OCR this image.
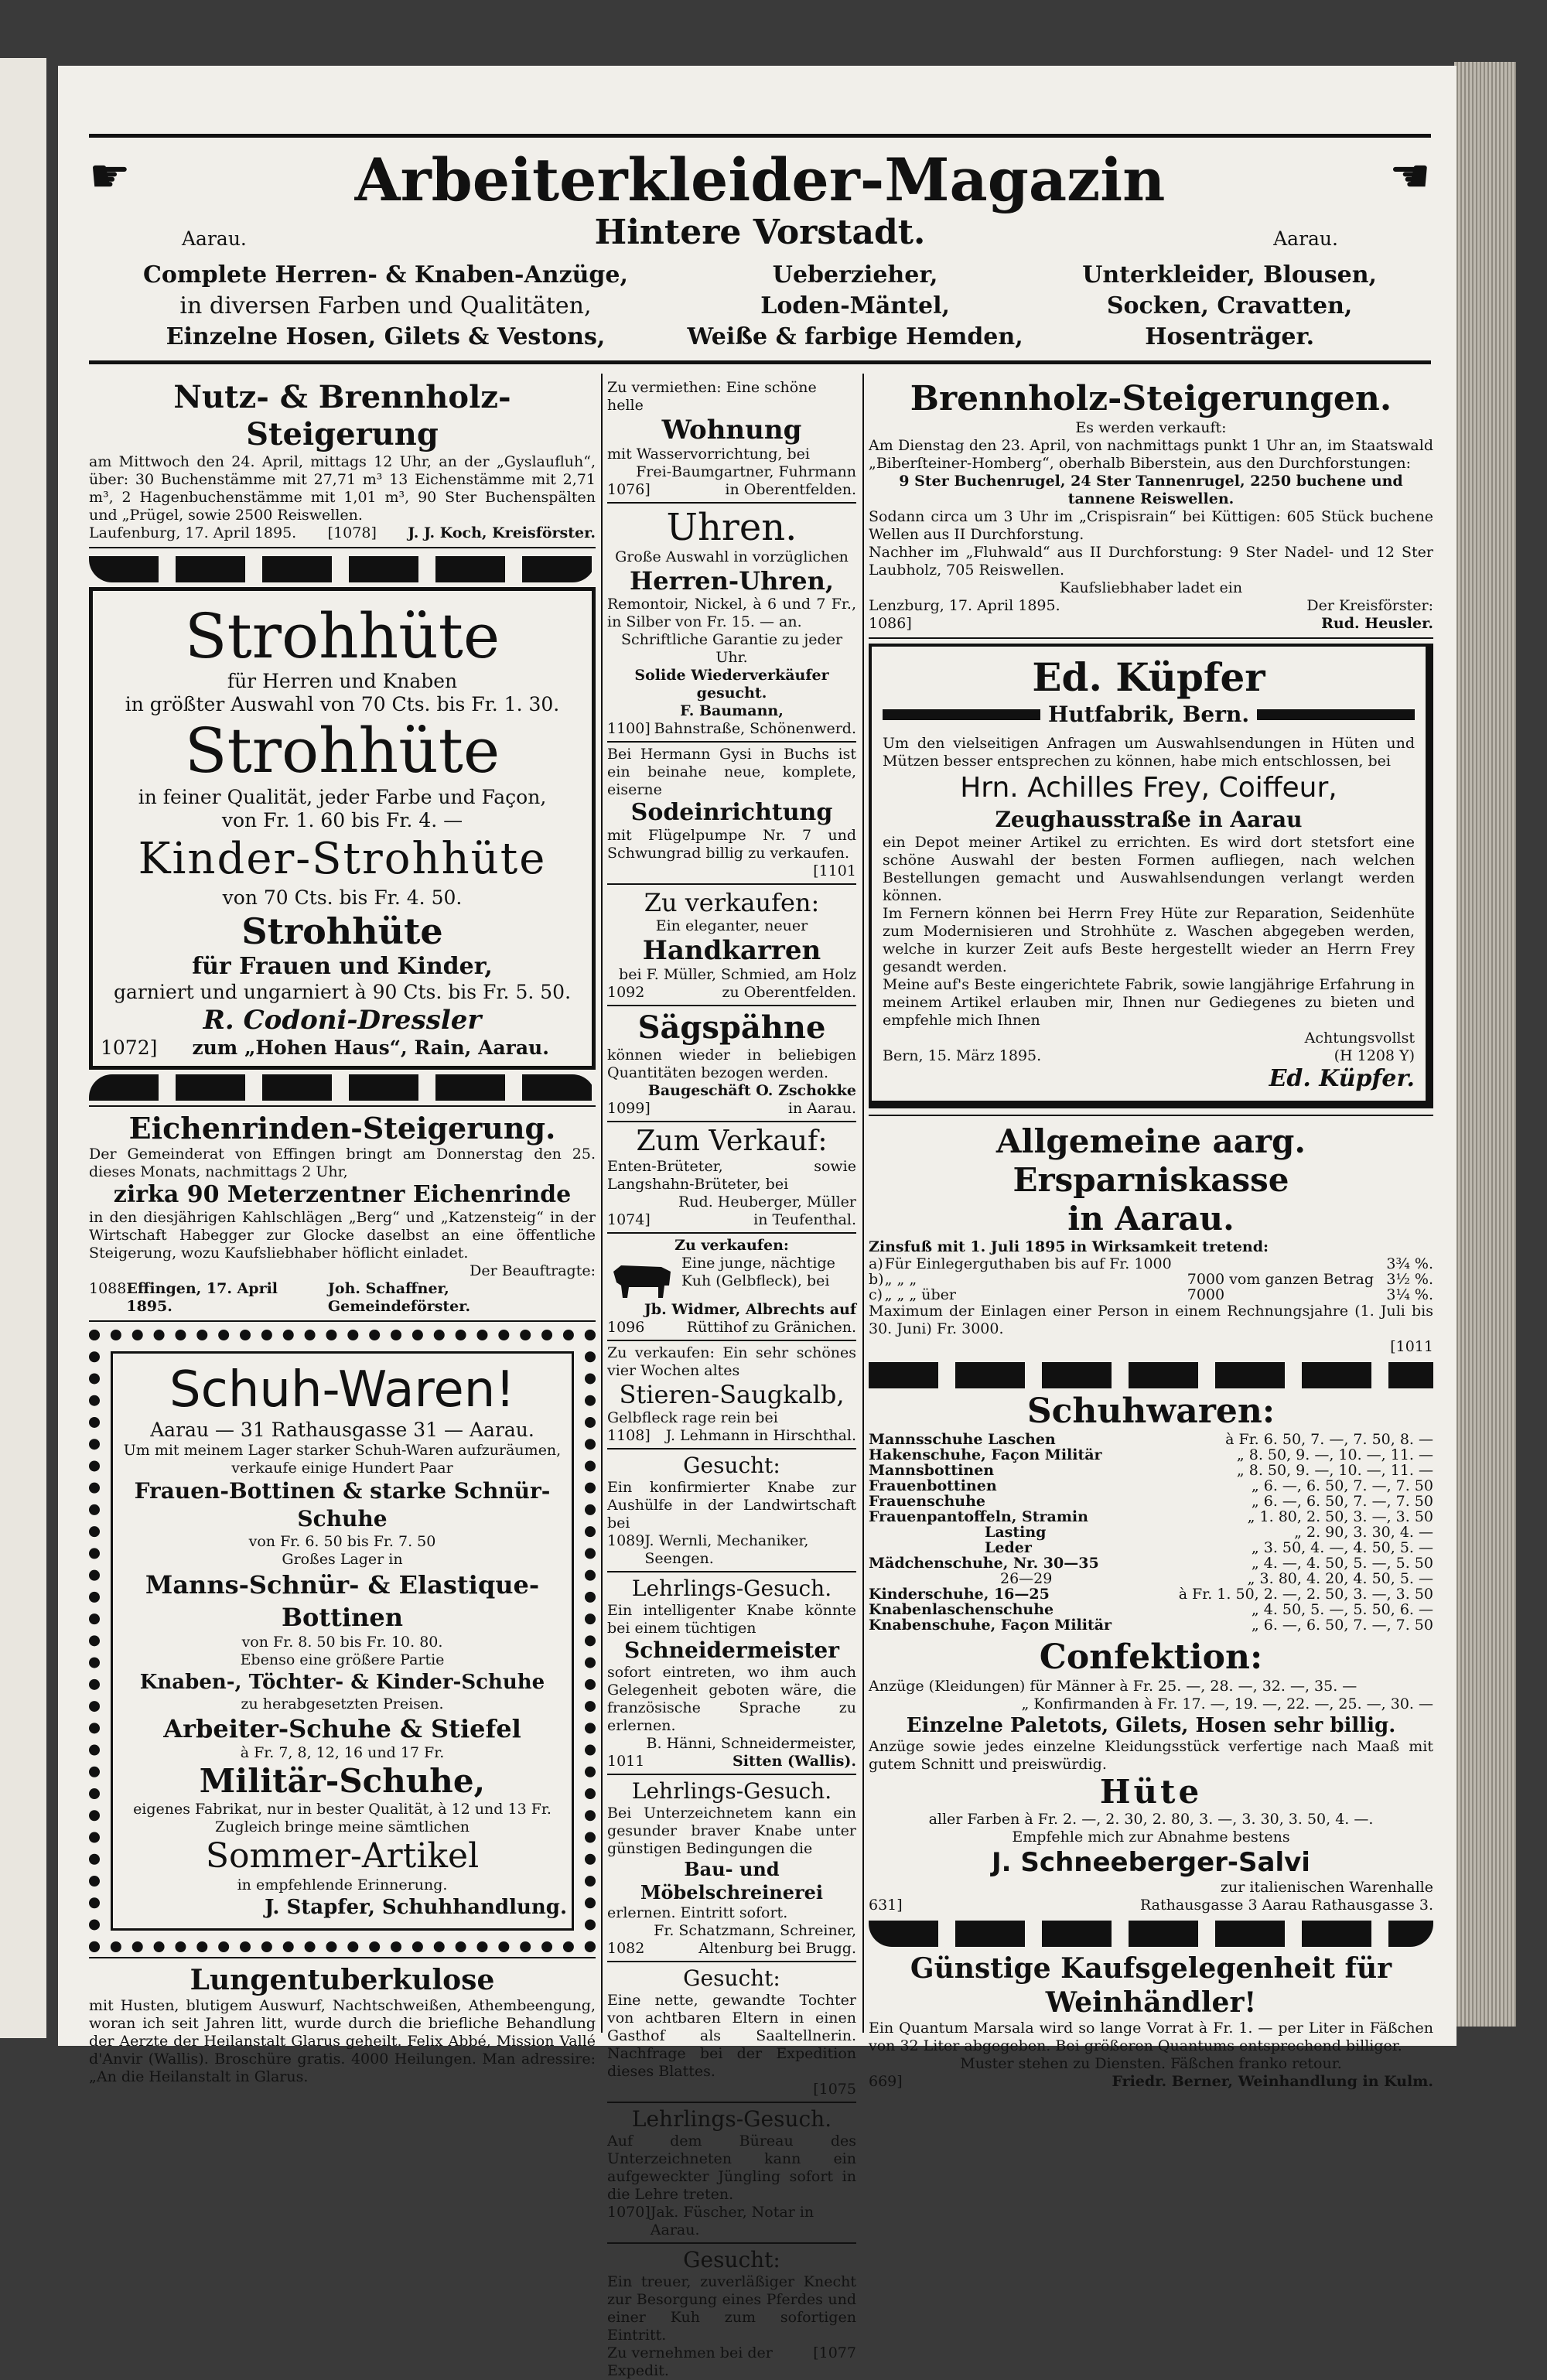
☛	☛
Arbeiterkleider-Magazin
Aarau.	Hintere Vorstadt.	Aarau.
Complete Herren- & Knaben-Anzüge,
in diversen Farben und Qualitäten,
Einzelne Hosen, Gilets & Vestons,
Ueberzieher,
Loden-Mäntel,
Weiße & farbige Hemden,
Unterkleider, Blousen,
Socken, Cravatten,
Hosenträger.
Nutz- & Brennholz-Steigerung

am Mittwoch den 24. April, mittags 12 Uhr, an der „Gyslaufluh“, über: 30 Buchenstämme mit 27,71 m³ 13 Eichenstämme mit 2,71 m³, 2 Hagenbuchenstämme mit 1,01 m³, 90 Ster Buchenspälten und „Prügel, sowie 2500 Reiswellen.

Laufenburg, 17. April 1895. [1078] J. J. Koch, Kreisförster.
Strohhüte
für Herren und Knaben
in größter Auswahl von 70 Cts. bis Fr. 1. 30.
Strohhüte
in feiner Qualität, jeder Farbe und Façon,
von Fr. 1. 60 bis Fr. 4. —
Kinder-Strohhüte
von 70 Cts. bis Fr. 4. 50.
Strohhüte
für Frauen und Kinder,
garniert und ungarniert à 90 Cts. bis Fr. 5. 50.
R. Codoni-Dressler
1072] zum „Hohen Haus“, Rain, Aarau.
Eichenrinden-Steigerung.

Der Gemeinderat von Effingen bringt am Donnerstag den 25. dieses Monats, nachmittags 2 Uhr,

zirka 90 Meterzentner Eichenrinde

in den diesjährigen Kahlschlägen „Berg“ und „Katzensteig“ in der Wirtschaft Habegger zur Glocke daselbst an eine öffentliche Steigerung, wozu Kaufsliebhaber höflicht einladet.

Der Beauftragte:
1088 Effingen, 17. April 1895.
Joh. Schaffner, Gemeindeförster.
Schuh-Waren!
Aarau — 31 Rathausgasse 31 — Aarau.

Um mit meinem Lager starker Schuh-Waren aufzuräumen, verkaufe einige Hundert Paar

Frauen-Bottinen & starke Schnür-Schuhe
von Fr. 6. 50 bis Fr. 7. 50
Großes Lager in
Manns-Schnür- & Elastique-Bottinen
von Fr. 8. 50 bis Fr. 10. 80.
Ebenso eine größere Partie
Knaben-, Töchter- & Kinder-Schuhe
zu herabgesetzten Preisen.
Arbeiter-Schuhe & Stiefel
à Fr. 7, 8, 12, 16 und 17 Fr.
Militär-Schuhe,
eigenes Fabrikat, nur in bester Qualität, à 12 und 13 Fr.
Zugleich bringe meine sämtlichen
Sommer-Artikel
in empfehlende Erinnerung.
J. Stapfer, Schuhhandlung.
Lungentuberkulose

mit Husten, blutigem Auswurf, Nachtschweißen, Athembeengung, woran ich seit Jahren litt, wurde durch die briefliche Behandlung der Aerzte der Heilanstalt Glarus geheilt. Felix Abbé, Mission Vallé d'Anvir (Wallis). Broschüre gratis. 4000 Heilungen. Man adressire: „An die Heilanstalt in Glarus.

Zu vermiethen: Eine schöne helle
Wohnung
mit Wasservorrichtung, bei
Frei-Baumgartner, Fuhrmann
1076]	in Oberentfelden.
Uhren.
Große Auswahl in vorzüglichen
Herren-Uhren,

Remontoir, Nickel, à 6 und 7 Fr., in Silber von Fr. 15. — an.

Schriftliche Garantie zu jeder Uhr.
Solide Wiederverkäufer gesucht.
F. Baumann,
1100] Bahnstraße, Schönenwerd.

Bei Hermann Gysi in Buchs ist ein beinahe neue, komplete, eiserne

Sodeinrichtung

mit Flügelpumpe Nr. 7 und Schwungrad billig zu verkaufen.

[1101
Zu verkaufen:
Ein eleganter, neuer
Handkarren
bei F. Müller, Schmied, am Holz
1092	zu Oberentfelden.
Sägspähne

können wieder in beliebigen Quantitäten bezogen werden.

Baugeschäft O. Zschokke
1099]	in Aarau.
Zum Verkauf:

Enten-Brüteter, sowie Langshahn-Brüteter, bei

Rud. Heuberger, Müller
1074]	in Teufenthal.
Zu verkaufen:

Eine junge, nächtige Kuh (Gelbfleck), bei

Jb. Widmer, Albrechts auf
1096	Rüttihof zu Gränichen.

Zu verkaufen: Ein sehr schönes vier Wochen altes

Stieren-Saugkalb,
Gelbfleck rage rein bei
1108] J. Lehmann in Hirschthal.
Gesucht:

Ein konfirmierter Knabe zur Aushülfe in der Landwirtschaft bei

1089 J. Wernli, Mechaniker, Seengen.
Lehrlings-Gesuch.

Ein intelligenter Knabe könnte bei einem tüchtigen

Schneidermeister

sofort eintreten, wo ihm auch Gelegenheit geboten wäre, die französische Sprache zu erlernen.

B. Hänni, Schneidermeister,
1011	Sitten (Wallis).
Lehrlings-Gesuch.

Bei Unterzeichnetem kann ein gesunder braver Knabe unter günstigen Bedingungen die

Bau- und Möbelschreinerei
erlernen. Eintritt sofort.
Fr. Schatzmann, Schreiner,
1082	Altenburg bei Brugg.
Gesucht:

Eine nette, gewandte Tochter von achtbaren Eltern in einen Gasthof als Saaltellnerin. Nachfrage bei der Expedition dieses Blattes.

[1075
Lehrlings-Gesuch.

Auf dem Büreau des Unterzeichneten kann ein aufgeweckter Jüngling sofort in die Lehre treten.

1070] Jak. Füscher, Notar in Aarau.
Gesucht:

Ein treuer, zuverläßiger Knecht zur Besorgung eines Pferdes und einer Kuh zum sofortigen Eintritt.

Zu vernehmen bei der Expedit.
[1077
Brennholz-Steigerungen.
Es werden verkauft:

Am Dienstag den 23. April, von nachmittags punkt 1 Uhr an, im Staatswald „Biberſteiner-Homberg“, oberhalb Biberstein, aus den Durchforstungen:

9 Ster Buchenrugel, 24 Ster Tannenrugel, 2250 buchene und tannene Reiswellen.

Sodann circa um 3 Uhr im „Crispisrain“ bei Küttigen: 605 Stück buchene Wellen aus II Durchforstung.

Nachher im „Fluhwald“ aus II Durchforstung: 9 Ster Nadel- und 12 Ster Laubholz, 705 Reiswellen.

Kaufsliebhaber ladet ein
Lenzburg, 17. April 1895.	Der Kreisförster:
1086]	Rud. Heusler.
Ed. Küpfer
Hutfabrik, Bern.

Um den vielseitigen Anfragen um Auswahlsendungen in Hüten und Mützen besser entsprechen zu können, habe mich entschlossen, bei

Hrn. Achilles Frey, Coiffeur,
Zeughausstraße in Aarau

ein Depot meiner Artikel zu errichten. Es wird dort stetsfort eine schöne Auswahl der besten Formen aufliegen, nach welchen Bestellungen gemacht und Auswahlsendungen verlangt werden können.

Im Fernern können bei Herrn Frey Hüte zur Reparation, Seidenhüte zum Modernisieren und Strohhüte z. Waschen abgegeben werden, welche in kurzer Zeit aufs Beste hergestellt wieder an Herrn Frey gesandt werden.

Meine auf's Beste eingerichtete Fabrik, sowie langjährige Erfahrung in meinem Artikel erlauben mir, Ihnen nur Gediegenes zu bieten und empfehle mich Ihnen

Achtungsvollst
Bern, 15. März 1895.	(H 1208 Y)
Ed. Küpfer.
Allgemeine aarg. Ersparniskasse
in Aarau.
Zinsfuß mit 1. Juli 1895 in Wirksamkeit tretend:
a)	Für Einlegerguthaben bis auf Fr. 1000		3¾ %.
b)	„ „ „	7000 vom ganzen Betrag	3½ %.
c)	„ „ „ über	7000	3¼ %.

Maximum der Einlagen einer Person in einem Rechnungsjahre (1. Juli bis 30. Juni) Fr. 3000.

[1011
Schuhwaren:
Mannsschuhe Laschen	à Fr. 6. 50, 7. —, 7. 50, 8. —
Hakenschuhe, Façon Militär	„ 8. 50, 9. —, 10. —, 11. —
Mannsbottinen	„ 8. 50, 9. —, 10. —, 11. —
Frauenbottinen	„ 6. —, 6. 50, 7. —, 7. 50
Frauenschuhe	„ 6. —, 6. 50, 7. —, 7. 50
Frauenpantoffeln, Stramin	„ 1. 80, 2. 50, 3. —, 3. 50
Lasting	„ 2. 90, 3. 30, 4. —
Leder	„ 3. 50, 4. —, 4. 50, 5. —
Mädchenschuhe, Nr. 30—35	„ 4. —, 4. 50, 5. —, 5. 50
26—29	„ 3. 80, 4. 20, 4. 50, 5. —
Kinderschuhe, 16—25	à Fr. 1. 50, 2. —, 2. 50, 3. —, 3. 50
Knabenlaschenschuhe	„ 4. 50, 5. —, 5. 50, 6. —
Knabenschuhe, Façon Militär	„ 6. —, 6. 50, 7. —, 7. 50
Confektion:
Anzüge (Kleidungen) für Männer à Fr. 25. —, 28. —, 32. —, 35. —
„ Konfirmanden à Fr. 17. —, 19. —, 22. —, 25. —, 30. —
Einzelne Paletots, Gilets, Hosen sehr billig.

Anzüge sowie jedes einzelne Kleidungsstück verfertige nach Maaß mit gutem Schnitt und preiswürdig.

Hüte
aller Farben à Fr. 2. —, 2. 30, 2. 80, 3. —, 3. 30, 3. 50, 4. —.
Empfehle mich zur Abnahme bestens
J. Schneeberger-Salvi
zur italienischen Warenhalle
631]	Rathausgasse 3 Aarau Rathausgasse 3.
Günstige Kaufsgelegenheit für Weinhändler!

Ein Quantum Marsala wird so lange Vorrat à Fr. 1. — per Liter in Fäßchen von 32 Liter abgegeben. Bei größeren Quantums entsprechend billiger.

Muster stehen zu Diensten. Fäßchen franko retour.
669]	Friedr. Berner, Weinhandlung in Kulm.
